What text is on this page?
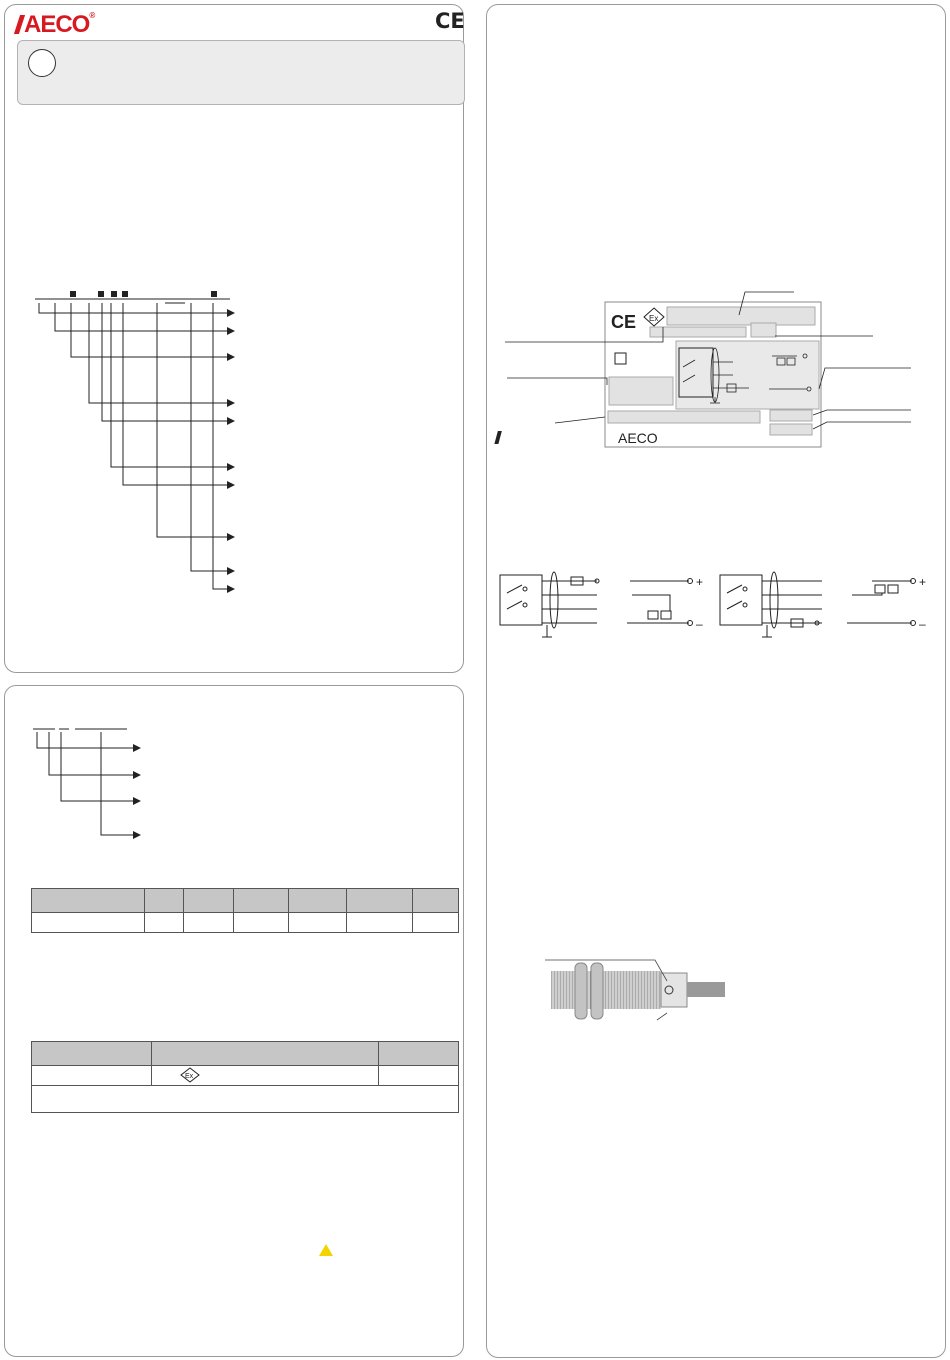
AECO®	CE

Ex	

CE Ex
AECO
+
–
+
–
